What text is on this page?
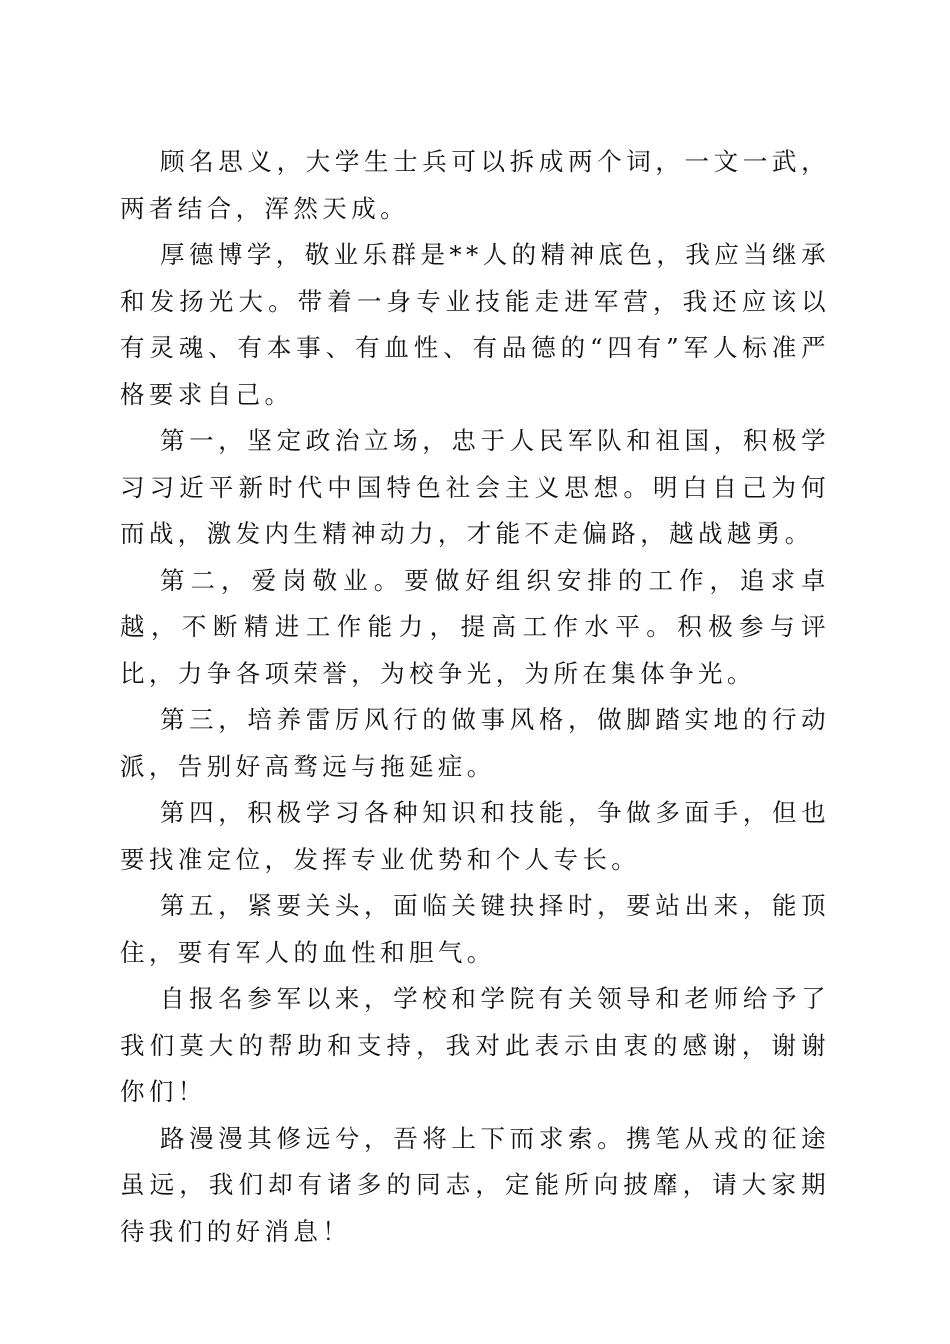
顾名思义，大学生士兵可以拆成两个词，一文一武，两者结合，浑然天成。

厚德博学，敬业乐群是**人的精神底色，我应当继承和发扬光大。带着一身专业技能走进军营，我还应该以有灵魂、有本事、有血性、有品德的“四有”军人标准严格要求自己。

第一，坚定政治立场，忠于人民军队和祖国，积极学习习近平新时代中国特色社会主义思想。明白自己为何而战，激发内生精神动力，才能不走偏路，越战越勇。

第二，爱岗敬业。要做好组织安排的工作，追求卓越，不断精进工作能力，提高工作水平。积极参与评比，力争各项荣誉，为校争光，为所在集体争光。

第三，培养雷厉风行的做事风格，做脚踏实地的行动派，告别好高骛远与拖延症。

第四，积极学习各种知识和技能，争做多面手，但也要找准定位，发挥专业优势和个人专长。

第五，紧要关头，面临关键抉择时，要站出来，能顶住，要有军人的血性和胆气。

自报名参军以来，学校和学院有关领导和老师给予了我们莫大的帮助和支持，我对此表示由衷的感谢，谢谢你们！

路漫漫其修远兮，吾将上下而求索。携笔从戎的征途虽远，我们却有诸多的同志，定能所向披靡，请大家期待我们的好消息！
